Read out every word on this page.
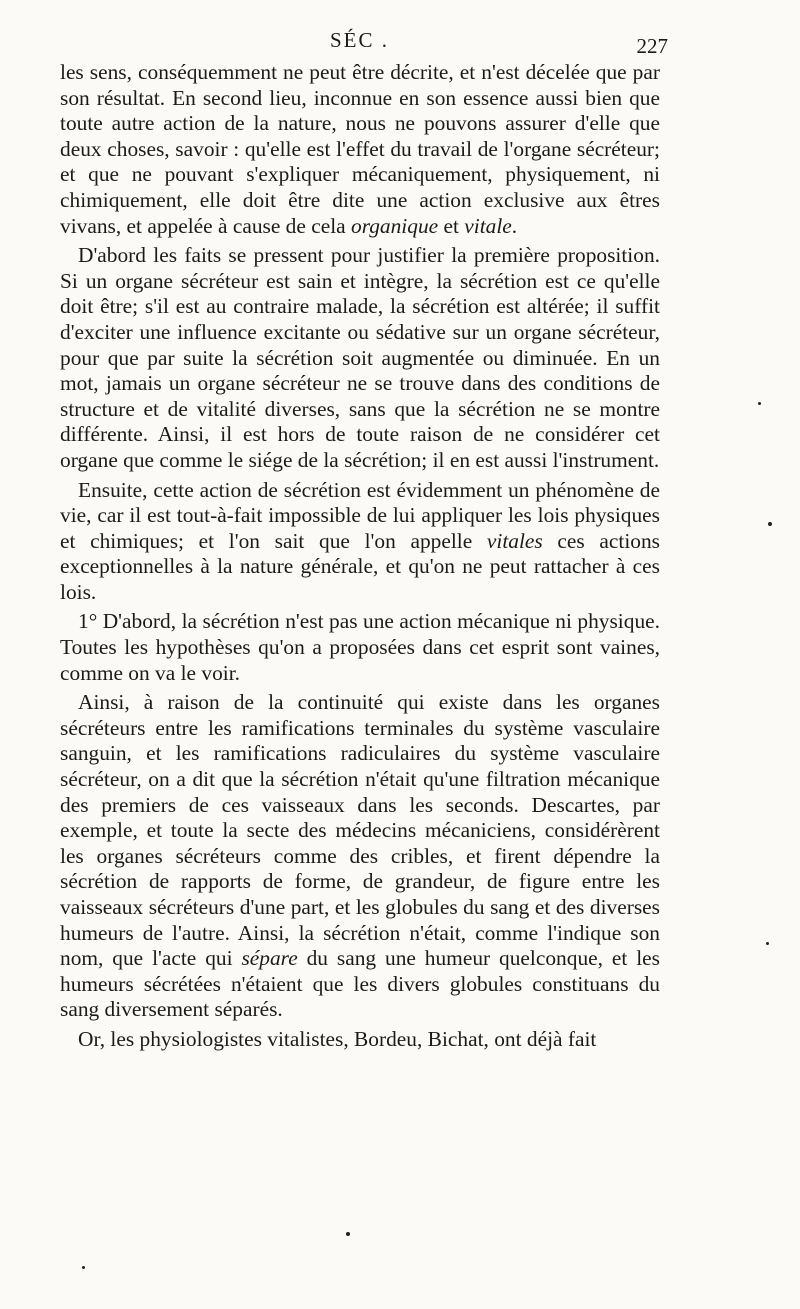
SÉC .	227

les sens, conséquemment ne peut être décrite, et n'est décelée que par son résultat. En second lieu, inconnue en son essence aussi bien que toute autre action de la nature, nous ne pouvons assurer d'elle que deux choses, savoir : qu'elle est l'effet du travail de l'organe sécréteur; et que ne pouvant s'expliquer mécaniquement, physiquement, ni chimiquement, elle doit être dite une action exclusive aux êtres vivans, et appelée à cause de cela organique et vitale.

D'abord les faits se pressent pour justifier la première proposition. Si un organe sécréteur est sain et intègre, la sécrétion est ce qu'elle doit être; s'il est au contraire malade, la sécrétion est altérée; il suffit d'exciter une influence excitante ou sédative sur un organe sécréteur, pour que par suite la sécrétion soit augmentée ou diminuée. En un mot, jamais un organe sécréteur ne se trouve dans des conditions de structure et de vitalité diverses, sans que la sécrétion ne se montre différente. Ainsi, il est hors de toute raison de ne considérer cet organe que comme le siége de la sécrétion; il en est aussi l'instrument.

Ensuite, cette action de sécrétion est évidemment un phénomène de vie, car il est tout-à-fait impossible de lui appliquer les lois physiques et chimiques; et l'on sait que l'on appelle vitales ces actions exceptionnelles à la nature générale, et qu'on ne peut rattacher à ces lois.

1° D'abord, la sécrétion n'est pas une action mécanique ni physique. Toutes les hypothèses qu'on a proposées dans cet esprit sont vaines, comme on va le voir.

Ainsi, à raison de la continuité qui existe dans les organes sécréteurs entre les ramifications terminales du système vasculaire sanguin, et les ramifications radiculaires du système vasculaire sécréteur, on a dit que la sécrétion n'était qu'une filtration mécanique des premiers de ces vaisseaux dans les seconds. Descartes, par exemple, et toute la secte des médecins mécaniciens, considérèrent les organes sécréteurs comme des cribles, et firent dépendre la sécrétion de rapports de forme, de grandeur, de figure entre les vaisseaux sécréteurs d'une part, et les globules du sang et des diverses humeurs de l'autre. Ainsi, la sécrétion n'était, comme l'indique son nom, que l'acte qui sépare du sang une humeur quelconque, et les humeurs sécrétées n'étaient que les divers globules constituans du sang diversement séparés.

Or, les physiologistes vitalistes, Bordeu, Bichat, ont déjà fait
